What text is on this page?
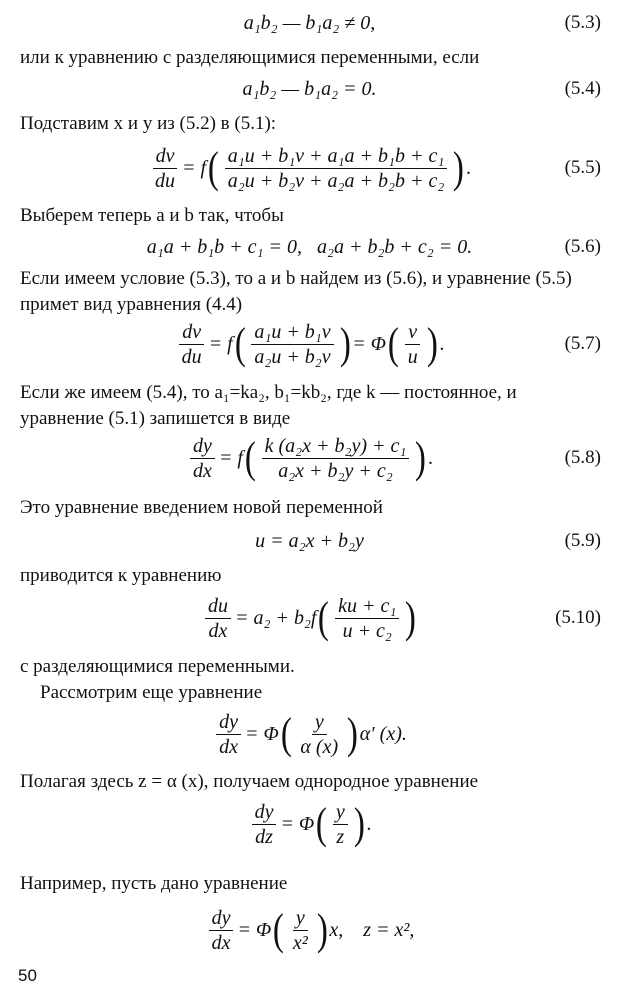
a₁b₂ — b₁a₂ ≠ 0,	(5.3)
или к уравнению с разделяющимися переменными, если
a₁b₂ — b₁a₂ = 0.	(5.4)
Подставим x и y из (5.2) в (5.1):
$\frac{dv}{du} = f$ ( $\frac{\text{a₁u + b₁v + a₁a + b₁b + c₁}}{\text{a₂u + b₂v + a₂a + b₂b + c₂}}$ ) .	(5.5)
Выберем теперь a и b так, чтобы
a₁a + b₁b + c₁ = 0,   a₂a + b₂b + c₂ = 0.	(5.6)
Если имеем условие (5.3), то a и b найдем из (5.6), и уравнение (5.5) примет вид уравнения (4.4)
$\frac{dv}{du} = f$ ( $\frac{\text{a₁u + b₁v}}{\text{a₂u + b₂v}}$ ) = Φ ( $\frac{v}{u}$ ) .	(5.7)
Если же имеем (5.4), то a₁=ka₂, b₁=kb₂, где k — постоянное, и уравнение (5.1) запишется в виде
$\frac{dy}{dx} = f$ ( $\frac{\text{k (a₂x + b₂y) + c₁}}{\text{a₂x + b₂y + c₂}}$ ) .	(5.8)
Это уравнение введением новой переменной
u = a₂x + b₂y	(5.9)
приводится к уравнению
$\frac{du}{dx} = a_2 + b_2f$ ( $\frac{\text{ku + c₁}}{\text{u + c₂}}$ )	(5.10)
с разделяющимися переменными.
Рассмотрим еще уравнение
$\frac{dy}{dx} = \Phi$ ( $\frac{y}{\alpha (x)}$ ) α′ (x).
Полагая здесь z = α (x), получаем однородное уравнение
$\frac{dy}{dz} = \Phi$ ( $\frac{y}{z}$ ) .
Например, пусть дано уравнение
$\frac{dy}{dx} = \Phi$ ( $\frac{y}{\text{x²}}$ ) x,    z = x²,
50
